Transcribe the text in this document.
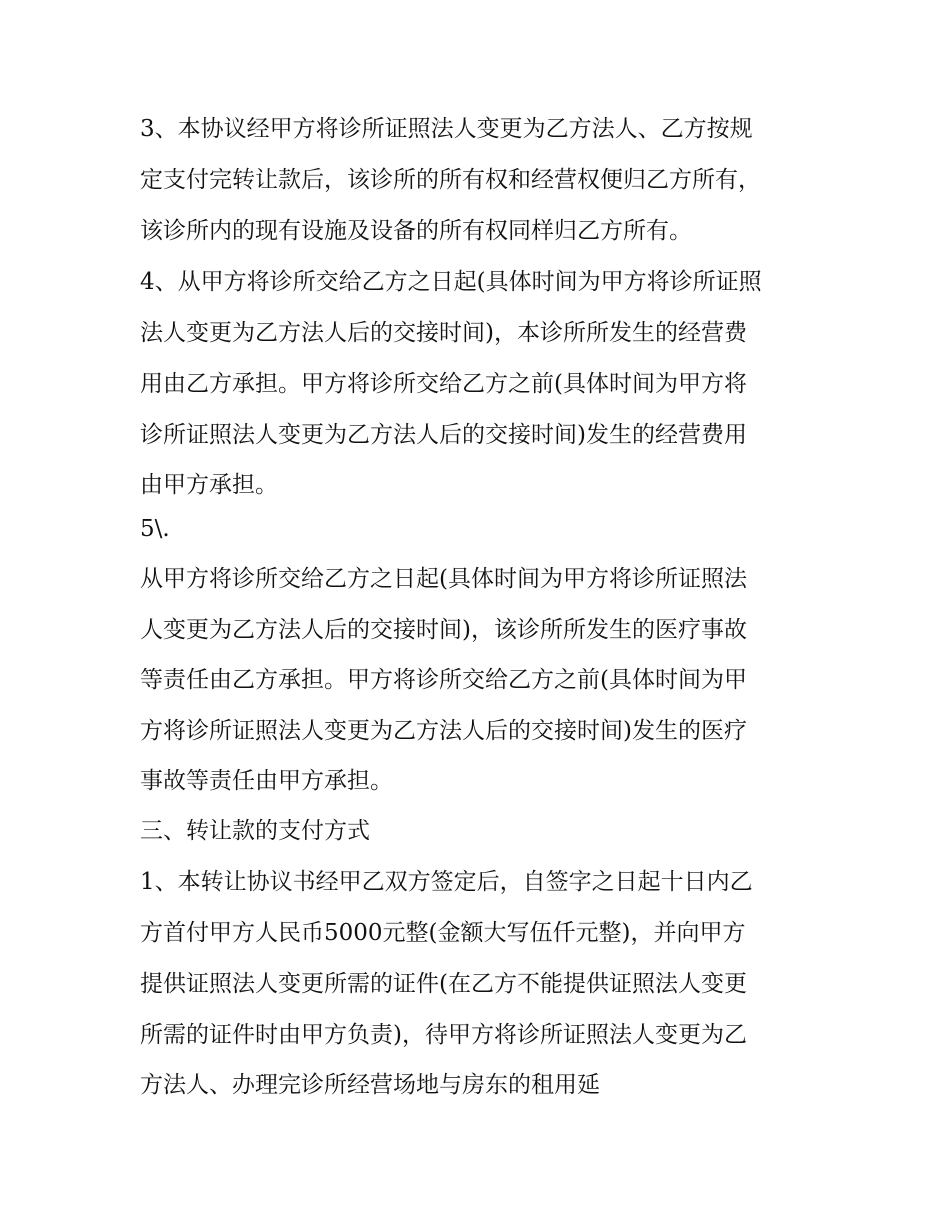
3、本协议经甲方将诊所证照法人变更为乙方法人、乙方按规
定支付完转让款后，该诊所的所有权和经营权便归乙方所有，
该诊所内的现有设施及设备的所有权同样归乙方所有。
4、从甲方将诊所交给乙方之日起(具体时间为甲方将诊所证照
法人变更为乙方法人后的交接时间)，本诊所所发生的经营费
用由乙方承担。甲方将诊所交给乙方之前(具体时间为甲方将
诊所证照法人变更为乙方法人后的交接时间)发生的经营费用
由甲方承担。
5\.
从甲方将诊所交给乙方之日起(具体时间为甲方将诊所证照法
人变更为乙方法人后的交接时间)，该诊所所发生的医疗事故
等责任由乙方承担。甲方将诊所交给乙方之前(具体时间为甲
方将诊所证照法人变更为乙方法人后的交接时间)发生的医疗
事故等责任由甲方承担。
三、转让款的支付方式
1、本转让协议书经甲乙双方签定后，自签字之日起十日内乙
方首付甲方人民币5000元整(金额大写伍仟元整)，并向甲方
提供证照法人变更所需的证件(在乙方不能提供证照法人变更
所需的证件时由甲方负责)，待甲方将诊所证照法人变更为乙
方法人、办理完诊所经营场地与房东的租用延
